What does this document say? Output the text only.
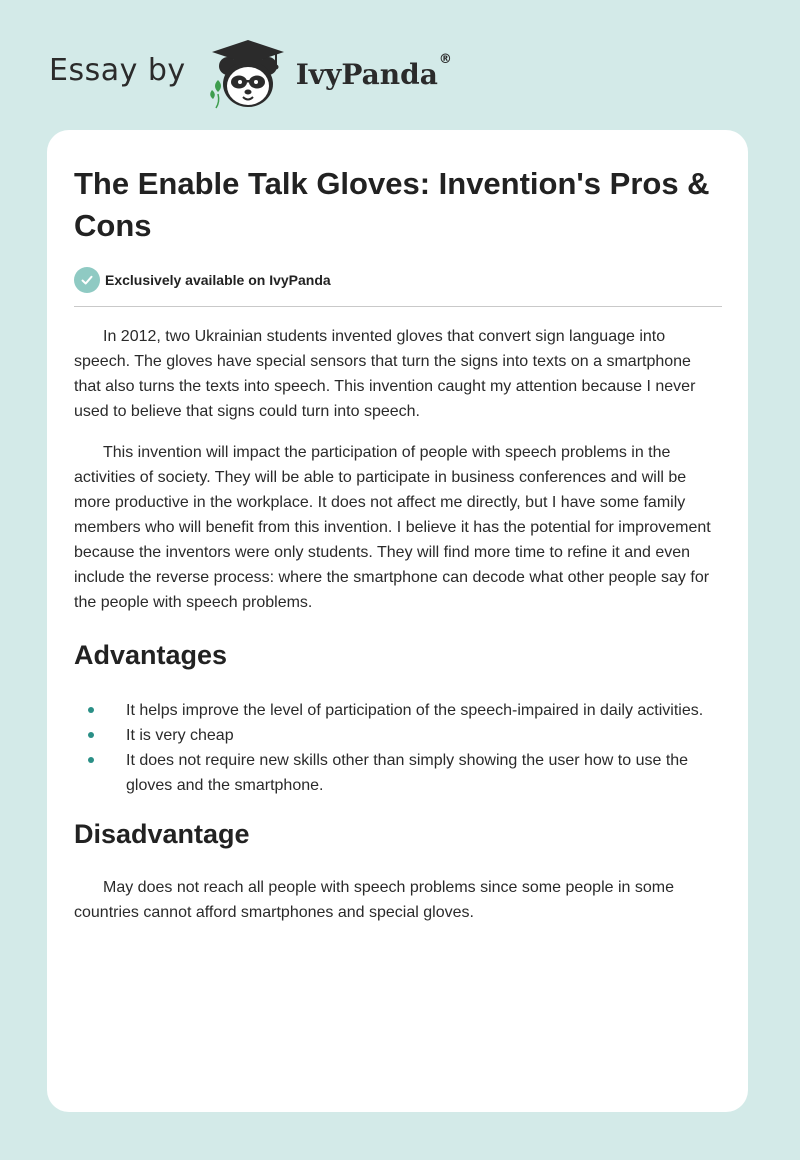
Essay by	IvyPanda®
The Enable Talk Gloves: Invention's Pros & Cons
Exclusively available on IvyPanda

In 2012, two Ukrainian students invented gloves that convert sign language into speech. The gloves have special sensors that turn the signs into texts on a smartphone that also turns the texts into speech. This invention caught my attention because I never used to believe that signs could turn into speech.

This invention will impact the participation of people with speech problems in the activities of society. They will be able to participate in business conferences and will be more productive in the workplace. It does not affect me directly, but I have some family members who will benefit from this invention. I believe it has the potential for improvement because the inventors were only students. They will find more time to refine it and even include the reverse process: where the smartphone can decode what other people say for the people with speech problems.

Advantages
It helps improve the level of participation of the speech-impaired in daily activities.
It is very cheap
It does not require new skills other than simply showing the user how to use the gloves and the smartphone.
Disadvantage

May does not reach all people with speech problems since some people in some countries cannot afford smartphones and special gloves.
